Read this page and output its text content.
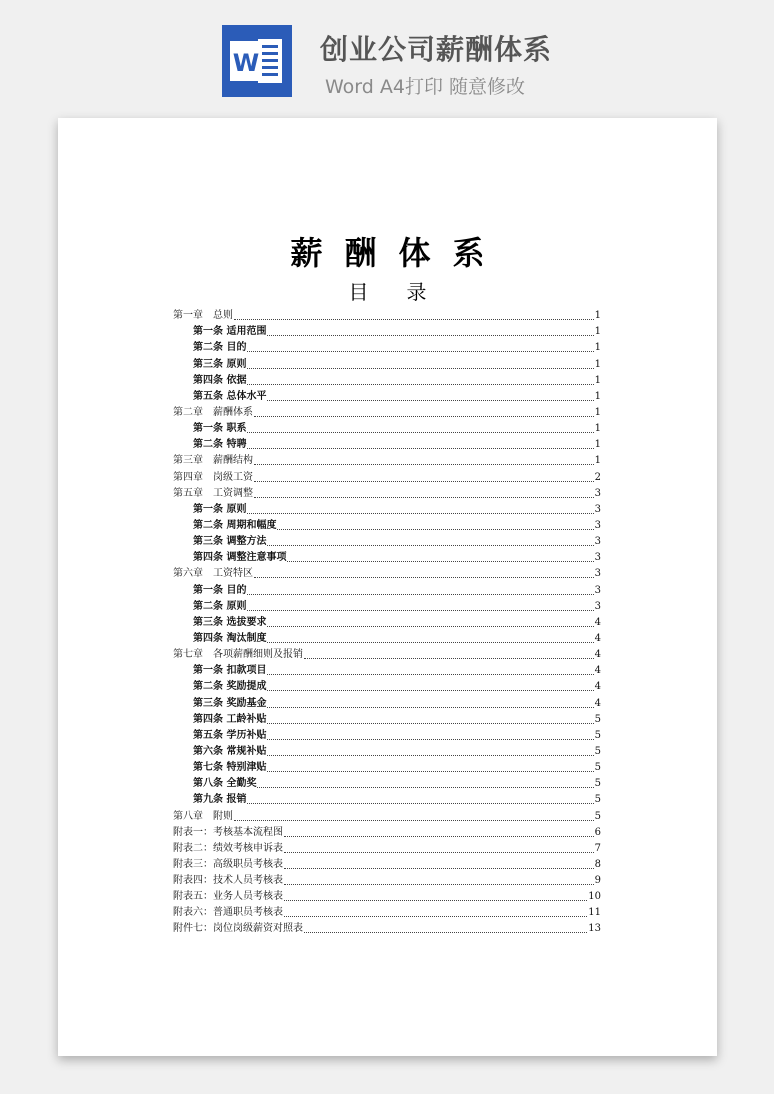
W 创业公司薪酬体系
Word A4打印 随意修改
薪酬体系
目录
第一章　总则	1
第一条 适用范围	1
第二条 目的	1
第三条 原则	1
第四条 依据	1
第五条 总体水平	1
第二章　薪酬体系	1
第一条 职系	1
第二条 特聘	1
第三章　薪酬结构	1
第四章　岗级工资	2
第五章　工资调整	3
第一条 原则	3
第二条 周期和幅度	3
第三条 调整方法	3
第四条 调整注意事项	3
第六章　工资特区	3
第一条 目的	3
第二条 原则	3
第三条 选拔要求	4
第四条 淘汰制度	4
第七章　各项薪酬细则及报销	4
第一条 扣款项目	4
第二条 奖励提成	4
第三条 奖励基金	4
第四条 工龄补贴	5
第五条 学历补贴	5
第六条 常规补贴	5
第七条 特别津贴	5
第八条 全勤奖	5
第九条 报销	5
第八章　附则	5
附表一：考核基本流程图	6
附表二：绩效考核申诉表	7
附表三：高级职员考核表	8
附表四：技术人员考核表	9
附表五：业务人员考核表	10
附表六：普通职员考核表	11
附件七：岗位岗级薪资对照表	13
